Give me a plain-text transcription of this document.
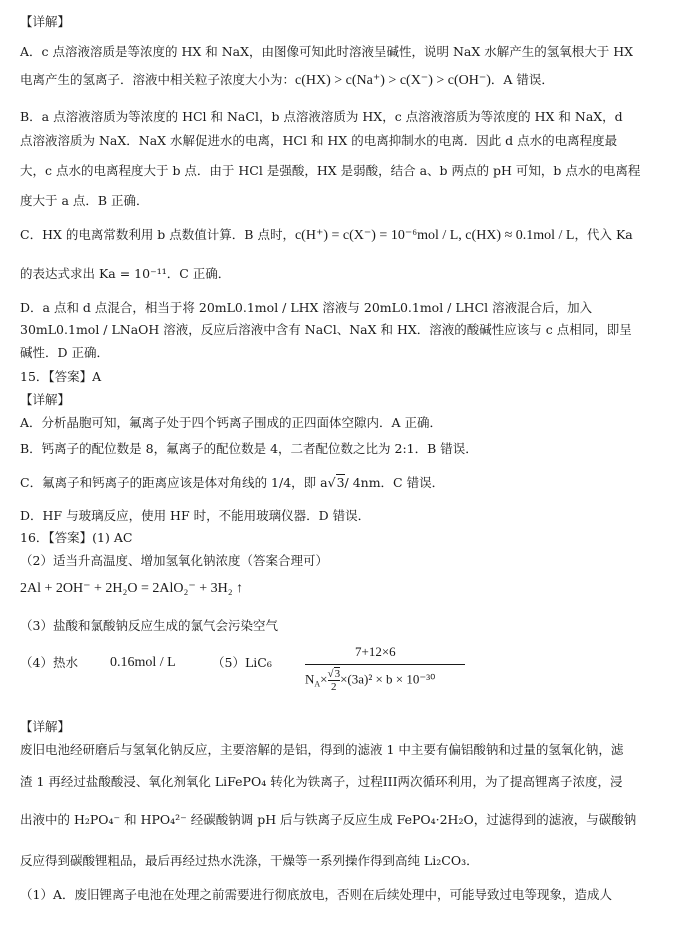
【详解】
A．c 点溶液溶质是等浓度的 HX 和 NaX，由图像可知此时溶液呈碱性，说明 NaX 水解产生的氢氧根大于 HX
电离产生的氢离子．溶液中相关粒子浓度大小为：c(HX) > c(Na⁺) > c(X⁻) > c(OH⁻)．A 错误．
B．a 点溶液溶质为等浓度的 HCl 和 NaCl，b 点溶液溶质为 HX，c 点溶液溶质为等浓度的 HX 和 NaX，d
点溶液溶质为 NaX．NaX 水解促进水的电离，HCl 和 HX 的电离抑制水的电离．因此 d 点水的电离程度最
大，c 点水的电离程度大于 b 点．由于 HCl 是强酸，HX 是弱酸，结合 a、b 两点的 pH 可知，b 点水的电离程
度大于 a 点．B 正确．
C．HX 的电离常数利用 b 点数值计算．B 点时，c(H⁺) = c(X⁻) = 10⁻⁶mol / L, c(HX) ≈ 0.1mol / L，代入 Ka
的表达式求出 Ka = 10⁻¹¹．C 正确．
D．a 点和 d 点混合，相当于将 20mL0.1mol / LHX 溶液与 20mL0.1mol / LHCl 溶液混合后，加入
30mL0.1mol / LNaOH 溶液，反应后溶液中含有 NaCl、NaX 和 HX．溶液的酸碱性应该与 c 点相同，即呈
碱性．D 正确．
15．【答案】A
【详解】
A．分析晶胞可知，氟离子处于四个钙离子围成的正四面体空隙内．A 正确．
B．钙离子的配位数是 8，氟离子的配位数是 4，二者配位数之比为 2:1．B 错误．
C．氟离子和钙离子的距离应该是体对角线的 1/4，即 a√3/ 4nm．C 错误．
D．HF 与玻璃反应，使用 HF 时，不能用玻璃仪器．D 错误．
16．【答案】(1) AC
（2）适当升高温度、增加氢氧化钠浓度（答案合理可）
2Al + 2OH⁻ + 2H₂O = 2AlO₂⁻ + 3H₂ ↑
（3）盐酸和氯酸钠反应生成的氯气会污染空气
（4）热水 0.16mol / L	（5）LiC₆
7+12×6
$N_A\times \frac{√3}{2} \times(3a)^2 \times b \times 10^{-30}$
【详解】
废旧电池经研磨后与氢氧化钠反应，主要溶解的是铝，得到的滤液 1 中主要有偏铝酸钠和过量的氢氧化钠，滤
渣 1 再经过盐酸酸浸、氧化剂氧化 LiFePO₄ 转化为铁离子，过程III两次循环利用，为了提高锂离子浓度，浸
出液中的 H₂PO₄⁻ 和 HPO₄²⁻ 经碳酸钠调 pH 后与铁离子反应生成 FePO₄·2H₂O，过滤得到的滤液，与碳酸钠
反应得到碳酸锂粗品，最后再经过热水洗涤，干燥等一系列操作得到高纯 Li₂CO₃．
（1）A．废旧锂离子电池在处理之前需要进行彻底放电，否则在后续处理中，可能导致过电等现象，造成人
